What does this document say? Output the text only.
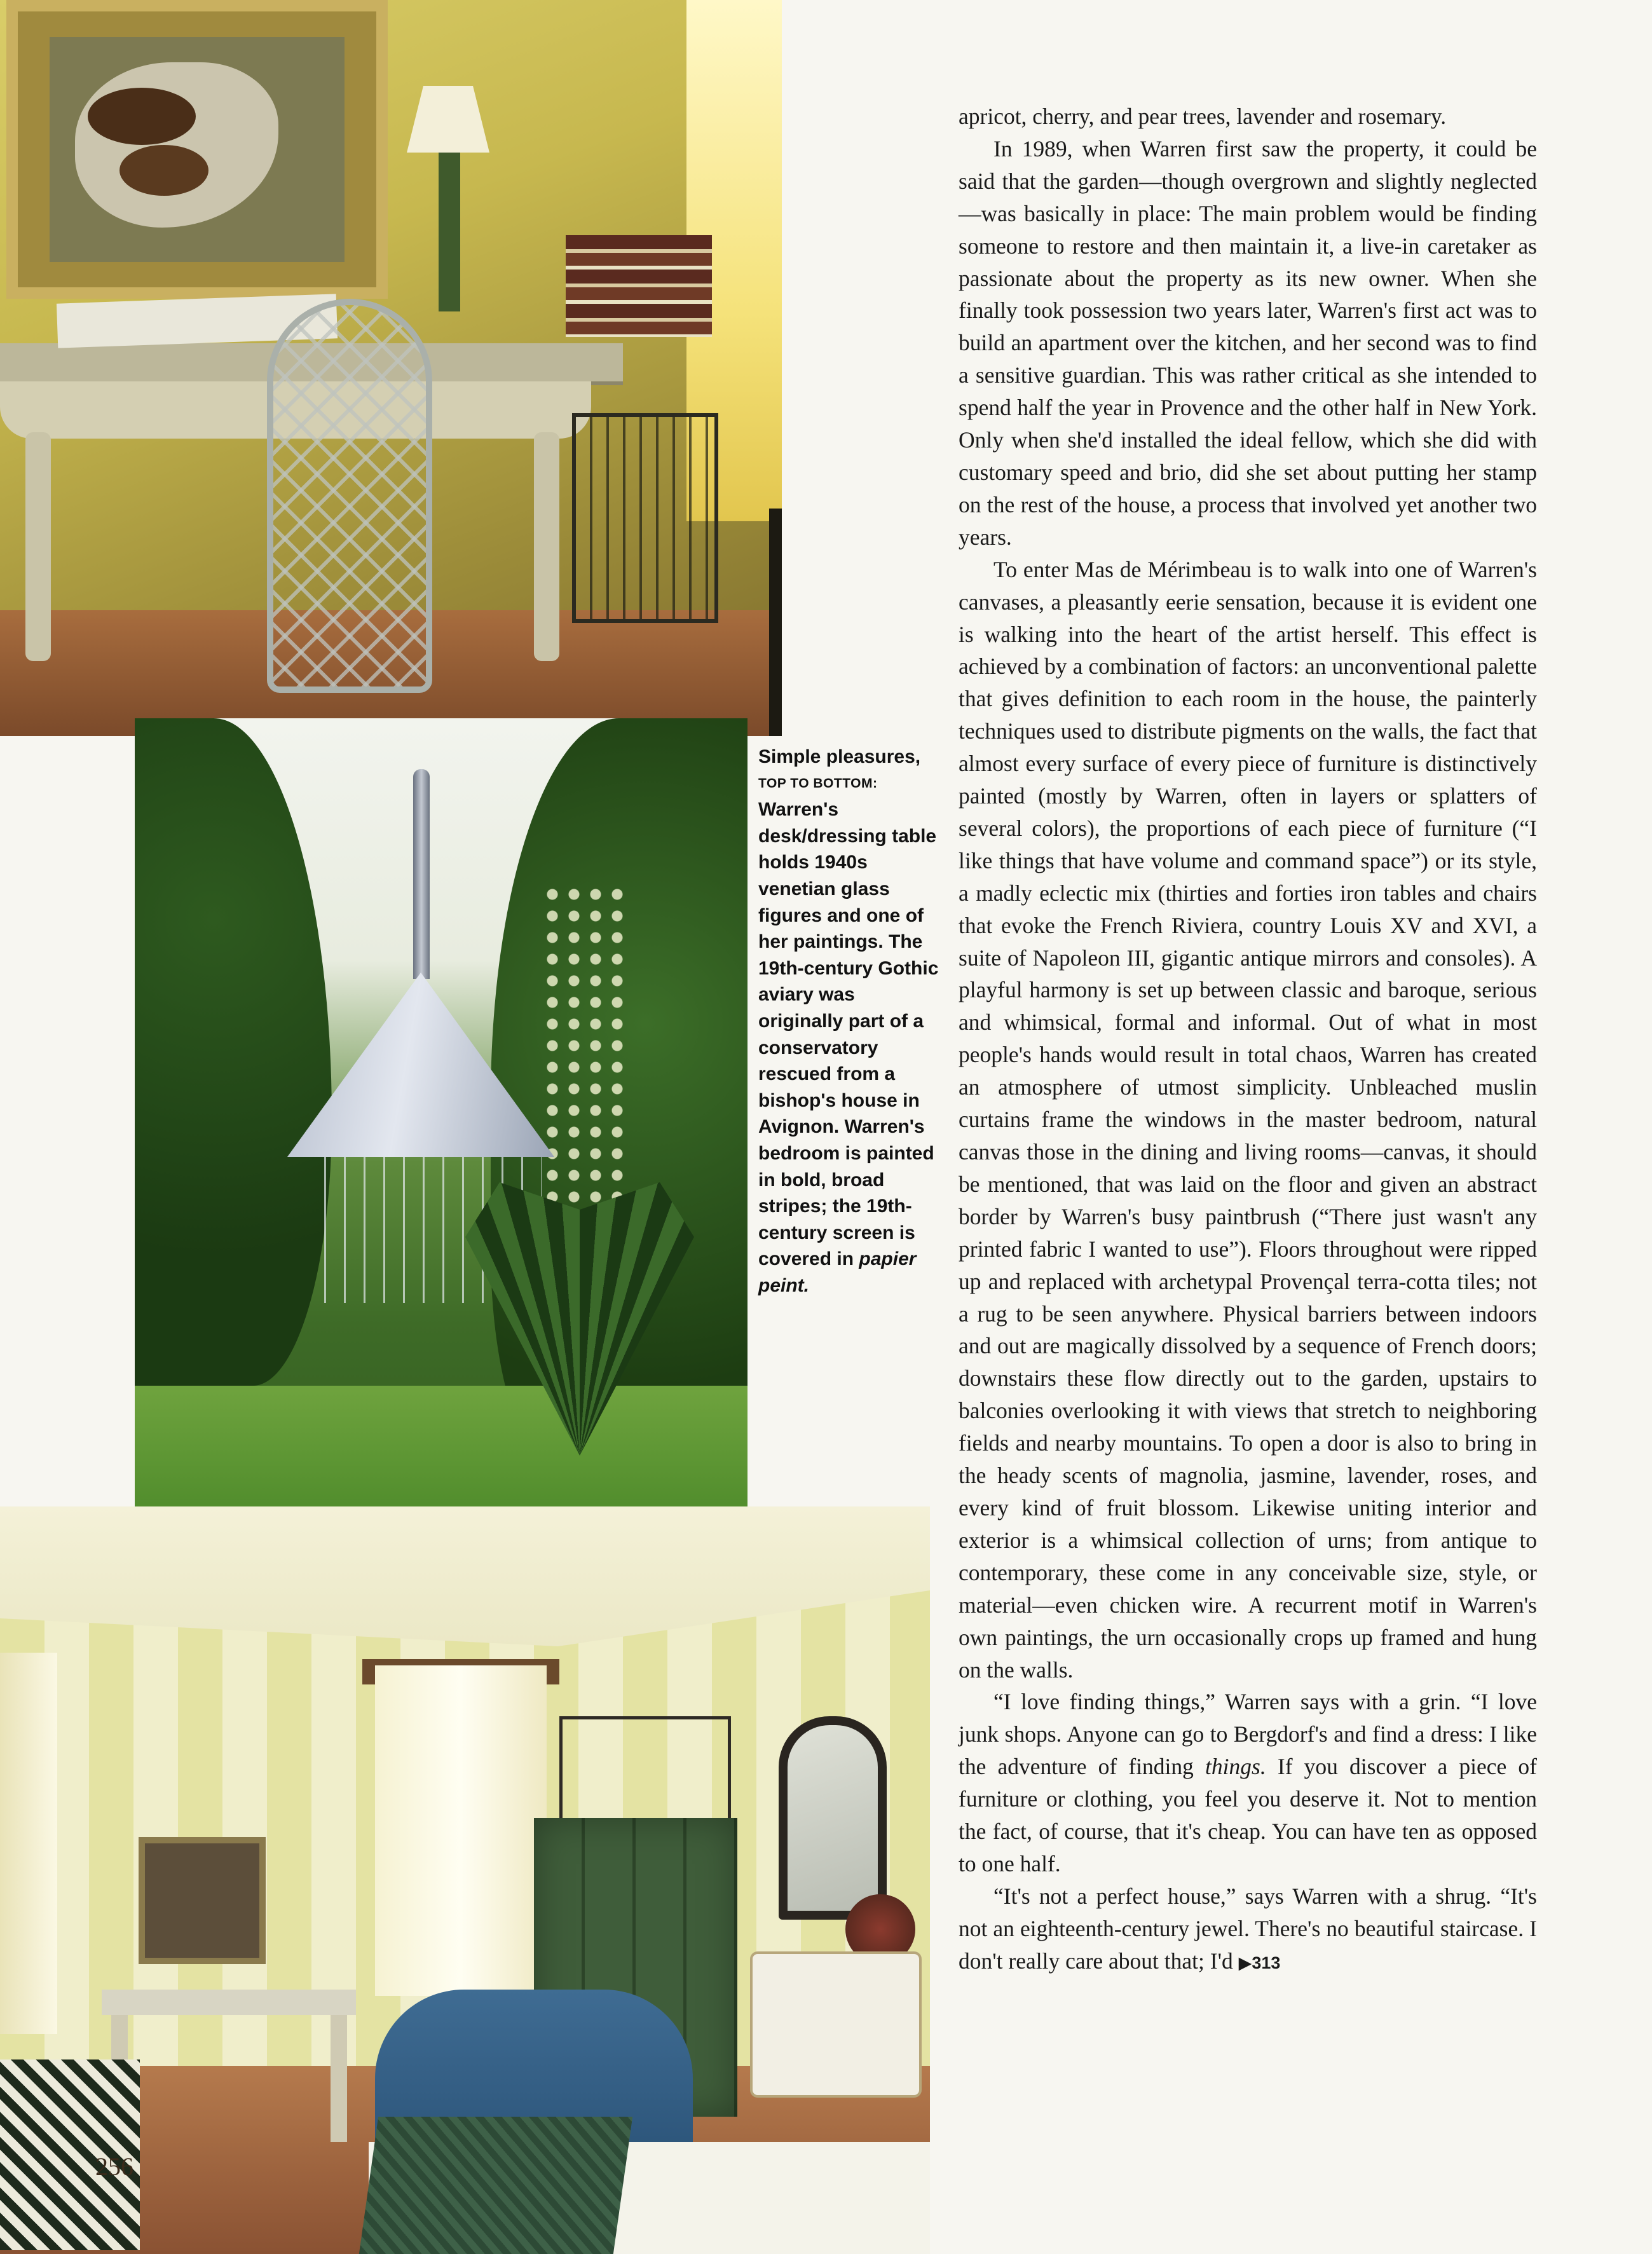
Simple pleasures,
TOP TO BOTTOM:
Warren's desk/dressing table holds 1940s venetian glass figures and one of her paintings. The 19th-century Gothic aviary was originally part of a conservatory rescued from a bishop's house in Avignon. Warren's bedroom is painted in bold, broad stripes; the 19th-century screen is covered in papier peint.

apricot, cherry, and pear trees, lavender and rosemary.

In 1989, when Warren first saw the property, it could be said that the garden—though overgrown and slightly neglected—was basically in place: The main problem would be finding someone to restore and then maintain it, a live-in caretaker as passionate about the property as its new owner. When she finally took possession two years later, Warren's first act was to build an apartment over the kitchen, and her second was to find a sensitive guardian. This was rather critical as she intended to spend half the year in Provence and the other half in New York. Only when she'd installed the ideal fellow, which she did with customary speed and brio, did she set about putting her stamp on the rest of the house, a process that involved yet another two years.

To enter Mas de Mérimbeau is to walk into one of Warren's canvases, a pleasantly eerie sensation, because it is evident one is walking into the heart of the artist herself. This effect is achieved by a combination of factors: an unconventional palette that gives definition to each room in the house, the painterly techniques used to distribute pigments on the walls, the fact that almost every surface of every piece of furniture is distinctively painted (mostly by Warren, often in layers or splatters of several colors), the proportions of each piece of furniture (“I like things that have volume and command space”) or its style, a madly eclectic mix (thirties and forties iron tables and chairs that evoke the French Riviera, country Louis XV and XVI, a suite of Napoleon III, gigantic antique mirrors and consoles). A playful harmony is set up between classic and baroque, serious and whimsical, formal and informal. Out of what in most people's hands would result in total chaos, Warren has created an atmosphere of utmost simplicity. Unbleached muslin curtains frame the windows in the master bedroom, natural canvas those in the dining and living rooms—canvas, it should be mentioned, that was laid on the floor and given an abstract border by Warren's busy paintbrush (“There just wasn't any printed fabric I wanted to use”). Floors throughout were ripped up and replaced with archetypal Provençal terra-cotta tiles; not a rug to be seen anywhere. Physical barriers between indoors and out are magically dissolved by a sequence of French doors; downstairs these flow directly out to the garden, upstairs to balconies overlooking it with views that stretch to neighboring fields and nearby mountains. To open a door is also to bring in the heady scents of magnolia, jasmine, lavender, roses, and every kind of fruit blossom. Likewise uniting interior and exterior is a whimsical collection of urns; from antique to contemporary, these come in any conceivable size, style, or material—even chicken wire. A recurrent motif in Warren's own paintings, the urn occasionally crops up framed and hung on the walls.

“I love finding things,” Warren says with a grin. “I love junk shops. Anyone can go to Bergdorf's and find a dress: I like the adventure of finding things. If you discover a piece of furniture or clothing, you feel you deserve it. Not to mention the fact, of course, that it's cheap. You can have ten as opposed to one half.

“It's not a perfect house,” says Warren with a shrug. “It's not an eighteenth-century jewel. There's no beautiful staircase. I don't really care about that; I'd ▶313

256
